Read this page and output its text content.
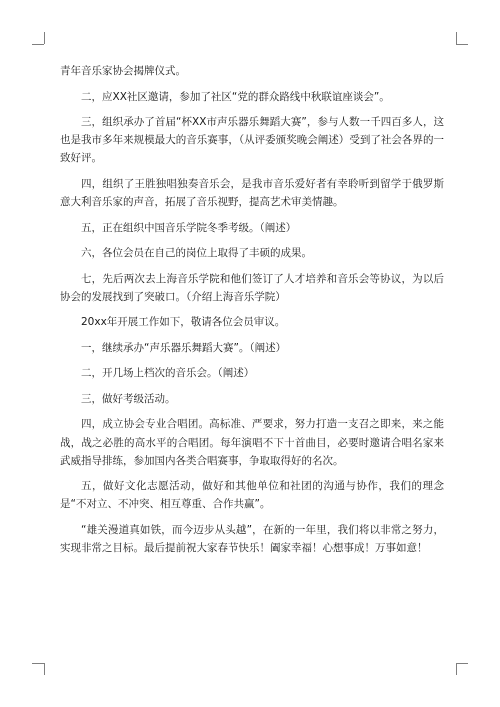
青年音乐家协会揭牌仪式。

二，应XX社区邀请，参加了社区“党的群众路线中秋联谊座谈会”。

三，组织承办了首届“杯XX市声乐器乐舞蹈大赛”，参与人数一千四百多人，这也是我市多年来规模最大的音乐赛事，（从评委颁奖晚会阐述）受到了社会各界的一致好评。

四，组织了王胜独唱独奏音乐会，是我市音乐爱好者有幸聆听到留学于俄罗斯意大利音乐家的声音，拓展了音乐视野，提高艺术审美情趣。

五，正在组织中国音乐学院冬季考级。（阐述）

六，各位会员在自己的岗位上取得了丰硕的成果。

七，先后两次去上海音乐学院和他们签订了人才培养和音乐会等协议，为以后协会的发展找到了突破口。（介绍上海音乐学院）

20xx年开展工作如下，敬请各位会员审议。

一，继续承办“声乐器乐舞蹈大赛”。（阐述）

二，开几场上档次的音乐会。（阐述）

三，做好考级活动。

四，成立协会专业合唱团。高标准、严要求，努力打造一支召之即来，来之能战，战之必胜的高水平的合唱团。每年演唱不下十首曲目，必要时邀请合唱名家来武威指导排练，参加国内各类合唱赛事，争取取得好的名次。

五，做好文化志愿活动，做好和其他单位和社团的沟通与协作，我们的理念是“不对立、不冲突、相互尊重、合作共赢”。

“雄关漫道真如铁，而今迈步从头越”，在新的一年里，我们将以非常之努力，实现非常之目标。最后提前祝大家春节快乐！阖家幸福！心想事成！万事如意！
